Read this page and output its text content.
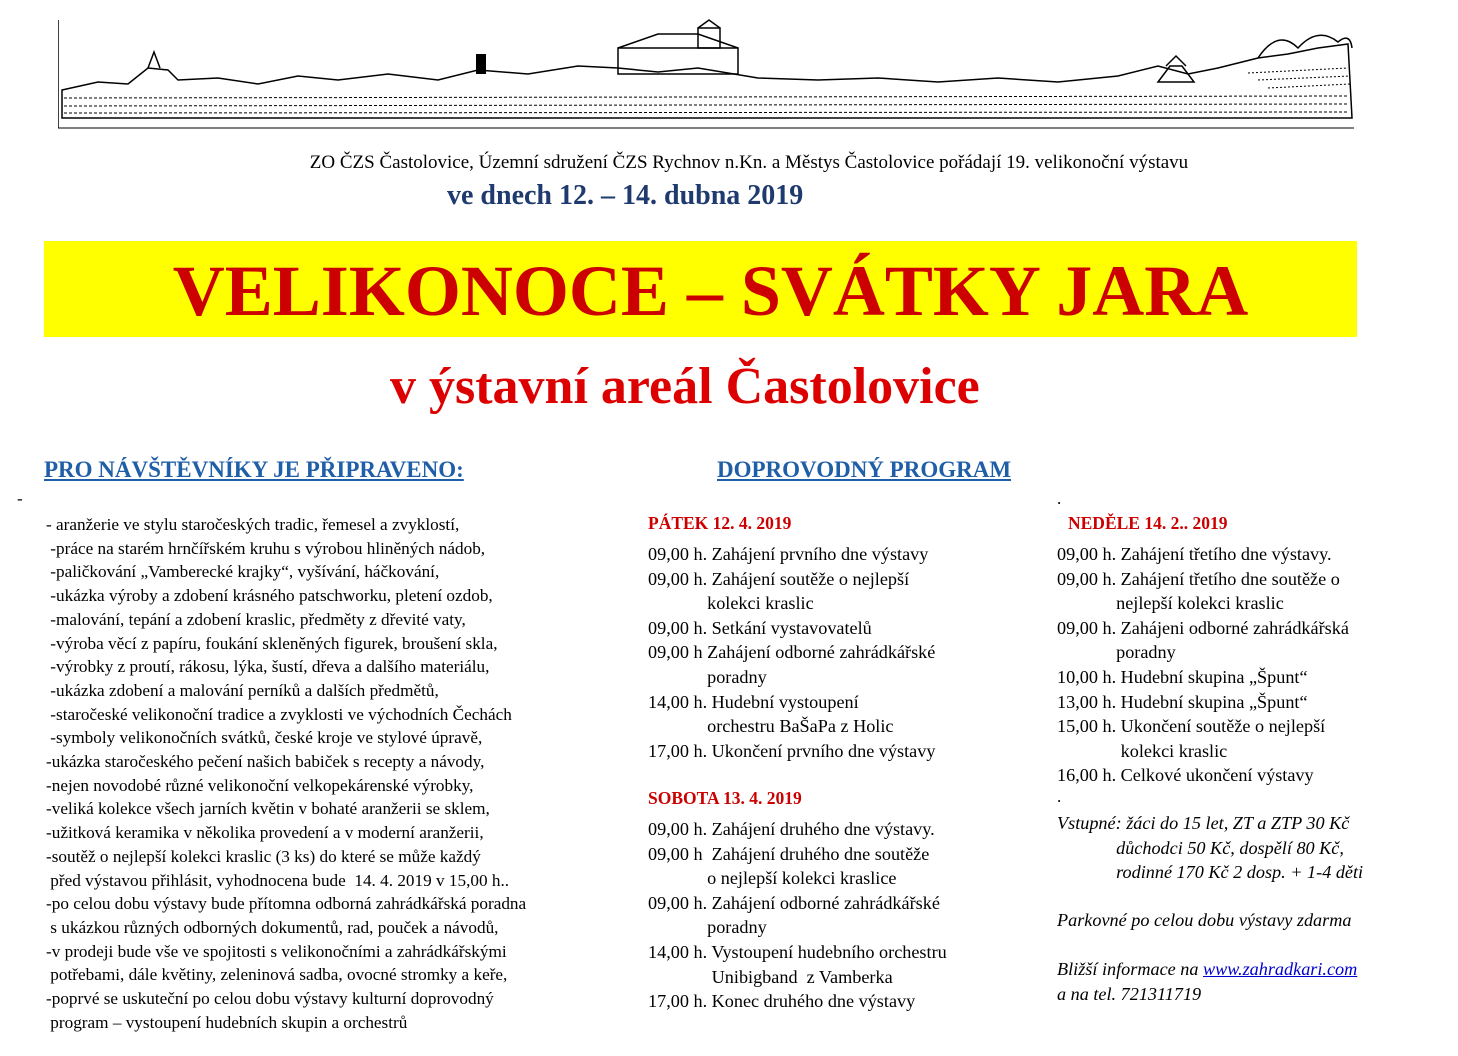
ZO ČZS Častolovice, Územní sdružení ČZS Rychnov n.Kn. a Městys Častolovice pořádají 19. velikonoční výstavu
ve dnech 12. – 14. dubna 2019
VELIKONOCE – SVÁTKY JARA
v ýstavní areál Častolovice
PRO NÁVŠTĚVNÍKY JE PŘIPRAVENO:	DOPROVODNÝ PROGRAM
-
- aranžerie ve stylu staročeských tradic, řemesel a zvyklostí,
-práce na starém hrnčířském kruhu s výrobou hliněných nádob,
-paličkování „Vamberecké krajky“, vyšívání, háčkování,
-ukázka výroby a zdobení krásného patschworku, pletení ozdob,
-malování, tepání a zdobení kraslic, předměty z dřevité vaty,
-výroba věcí z papíru, foukání skleněných figurek, broušení skla,
-výrobky z proutí, rákosu, lýka, šustí, dřeva a dalšího materiálu,
-ukázka zdobení a malování perníků a dalších předmětů,
-staročeské velikonoční tradice a zvyklosti ve východních Čechách
-symboly velikonočních svátků, české kroje ve stylové úpravě,
-ukázka staročeského pečení našich babiček s recepty a návody,
-nejen novodobé různé velikonoční velkopekárenské výrobky,
-veliká kolekce všech jarních květin v bohaté aranžerii se sklem,
-užitková keramika v několika provedení a v moderní aranžerii,
-soutěž o nejlepší kolekci kraslic (3 ks) do které se může každý
před výstavou přihlásit, vyhodnocena bude  14. 4. 2019 v 15,00 h..
-po celou dobu výstavy bude přítomna odborná zahrádkářská poradna
s ukázkou různých odborných dokumentů, rad, pouček a návodů,
-v prodeji bude vše ve spojitosti s velikonočními a zahrádkářskými
potřebami, dále květiny, zeleninová sadba, ovocné stromky a keře,
-poprvé se uskuteční po celou dobu výstavy kulturní doprovodný
program – vystoupení hudebních skupin a orchestrů
PÁTEK 12. 4. 2019
09,00 h. Zahájení prvního dne výstavy
09,00 h. Zahájení soutěže o nejlepší
kolekci kraslic
09,00 h. Setkání vystavovatelů
09,00 h Zahájení odborné zahrádkářské
poradny
14,00 h. Hudební vystoupení
orchestru BaŠaPa z Holic
17,00 h. Ukončení prvního dne výstavy
SOBOTA 13. 4. 2019
09,00 h. Zahájení druhého dne výstavy.
09,00 h  Zahájení druhého dne soutěže
o nejlepší kolekci kraslice
09,00 h. Zahájení odborné zahrádkářské
poradny
14,00 h. Vystoupení hudebního orchestru
Unibigband  z Vamberka
17,00 h. Konec druhého dne výstavy
.
NEDĚLE 14. 2.. 2019
09,00 h. Zahájení třetího dne výstavy.
09,00 h. Zahájení třetího dne soutěže o
nejlepší kolekci kraslic
09,00 h. Zahájeni odborné zahrádkářská
poradny
10,00 h. Hudební skupina „Špunt“
13,00 h. Hudební skupina „Špunt“
15,00 h. Ukončení soutěže o nejlepší
kolekci kraslic
16,00 h. Celkové ukončení výstavy
.
Vstupné: žáci do 15 let, ZT a ZTP 30 Kč
důchodci 50 Kč, dospělí 80 Kč,
rodinné 170 Kč 2 dosp. + 1-4 děti
Parkovné po celou dobu výstavy zdarma
Bližší informace na www.zahradkari.com
a na tel. 721311719
